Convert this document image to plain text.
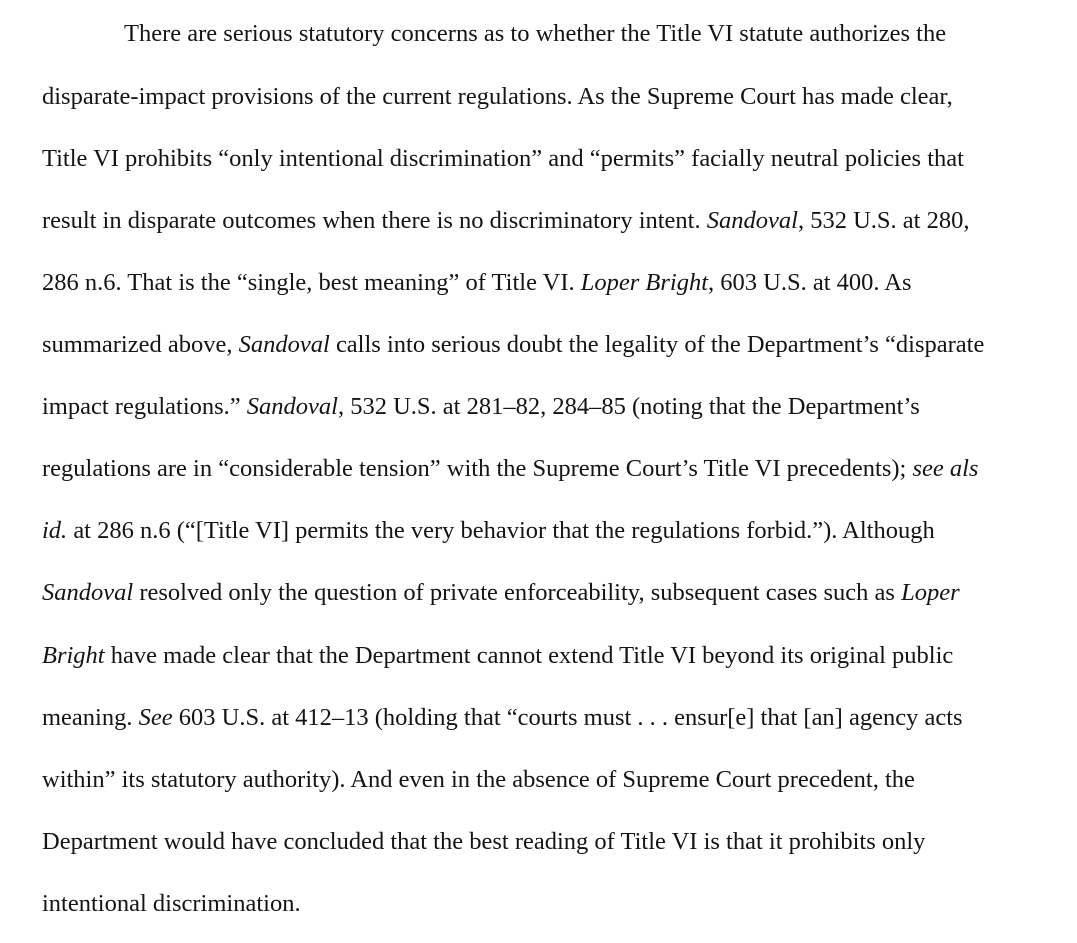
There are serious statutory concerns as to whether the Title VI statute authorizes the
disparate-impact provisions of the current regulations. As the Supreme Court has made clear,
Title VI prohibits “only intentional discrimination” and “permits” facially neutral policies that
result in disparate outcomes when there is no discriminatory intent. Sandoval, 532 U.S. at 280,
286 n.6. That is the “single, best meaning” of Title VI. Loper Bright, 603 U.S. at 400. As
summarized above, Sandoval calls into serious doubt the legality of the Department’s “disparate
impact regulations.” Sandoval, 532 U.S. at 281–82, 284–85 (noting that the Department’s
regulations are in “considerable tension” with the Supreme Court’s Title VI precedents); see als
id. at 286 n.6 (“[Title VI] permits the very behavior that the regulations forbid.”). Although
Sandoval resolved only the question of private enforceability, subsequent cases such as Loper
Bright have made clear that the Department cannot extend Title VI beyond its original public
meaning. See 603 U.S. at 412–13 (holding that “courts must . . . ensur[e] that [an] agency acts
within” its statutory authority). And even in the absence of Supreme Court precedent, the
Department would have concluded that the best reading of Title VI is that it prohibits only
intentional discrimination.
